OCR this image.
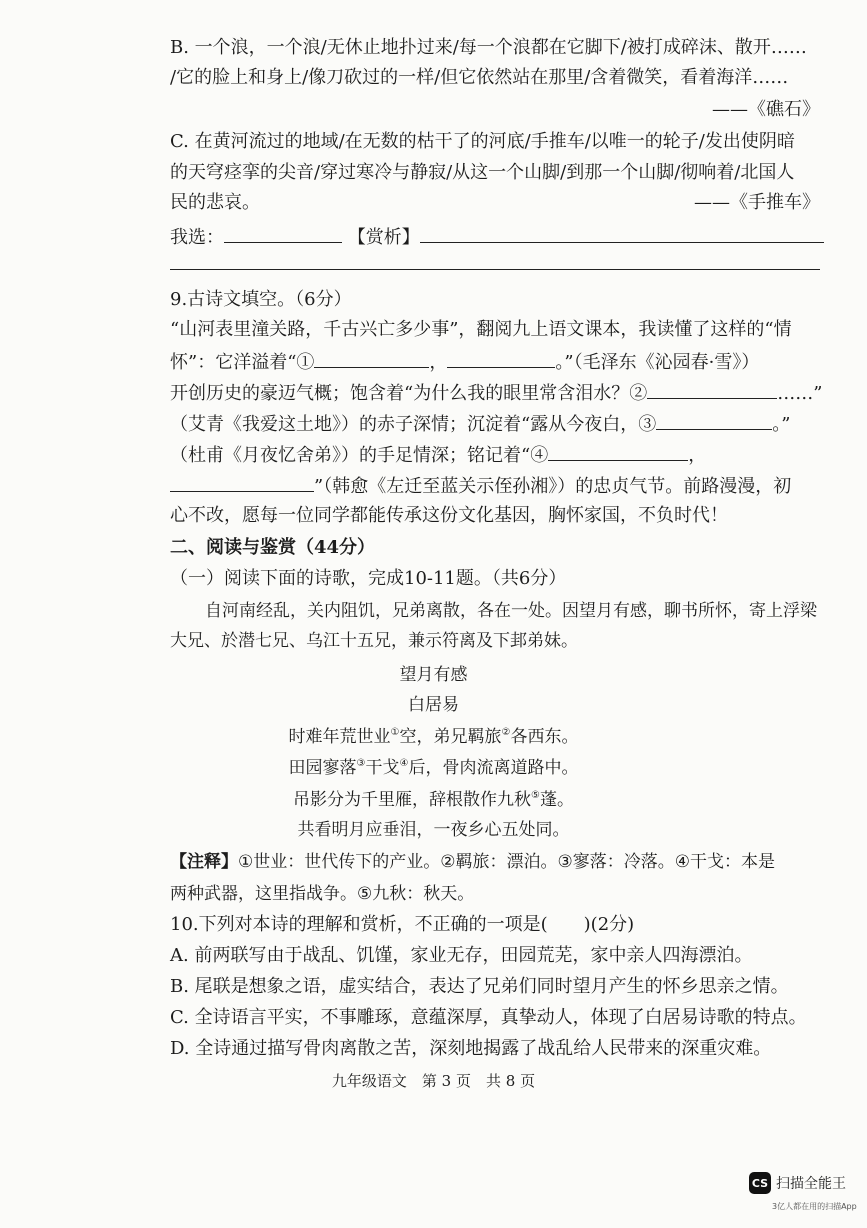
B. 一个浪，一个浪/无休止地扑过来/每一个浪都在它脚下/被打成碎沫、散开……
/它的脸上和身上/像刀砍过的一样/但它依然站在那里/含着微笑，看着海洋……
——《礁石》
C. 在黄河流过的地域/在无数的枯干了的河底/手推车/以唯一的轮子/发出使阴暗
的天穹痉挛的尖音/穿过寒冷与静寂/从这一个山脚/到那一个山脚/彻响着/北国人
民的悲哀。	——《手推车》
我选：	【赏析】
9.古诗文填空。（6分）
“山河表里潼关路，千古兴亡多少事”，翻阅九上语文课本，我读懂了这样的“情
怀”：它洋溢着“①	，	。”（毛泽东《沁园春·雪》）
开创历史的豪迈气概；饱含着“为什么我的眼里常含泪水？②	……”
（艾青《我爱这土地》）的赤子深情；沉淀着“露从今夜白，③	。”
（杜甫《月夜忆舍弟》）的手足情深；铭记着“④	，
”（韩愈《左迁至蓝关示侄孙湘》）的忠贞气节。前路漫漫，初
心不改，愿每一位同学都能传承这份文化基因，胸怀家国，不负时代！
二、阅读与鉴赏（44分）
（一）阅读下面的诗歌，完成10-11题。（共6分）
自河南经乱，关内阻饥，兄弟离散，各在一处。因望月有感，聊书所怀，寄上浮梁
大兄、於潜七兄、乌江十五兄，兼示符离及下邽弟妹。
望月有感
白居易
时难年荒世业①空，弟兄羁旅②各西东。
田园寥落③干戈④后，骨肉流离道路中。
吊影分为千里雁，辞根散作九秋⑤蓬。
共看明月应垂泪，一夜乡心五处同。
【注释】①世业：世代传下的产业。②羁旅：漂泊。③寥落：冷落。④干戈：本是
两种武器，这里指战争。⑤九秋：秋天。
10.下列对本诗的理解和赏析，不正确的一项是(　　)(2分)
A. 前两联写由于战乱、饥馑，家业无存，田园荒芜，家中亲人四海漂泊。
B. 尾联是想象之语，虚实结合，表达了兄弟们同时望月产生的怀乡思亲之情。
C. 全诗语言平实，不事雕琢，意蕴深厚，真挚动人，体现了白居易诗歌的特点。
D. 全诗通过描写骨肉离散之苦，深刻地揭露了战乱给人民带来的深重灾难。
九年级语文　第 3 页　共 8 页
CS 扫描全能王
3亿人都在用的扫描App
